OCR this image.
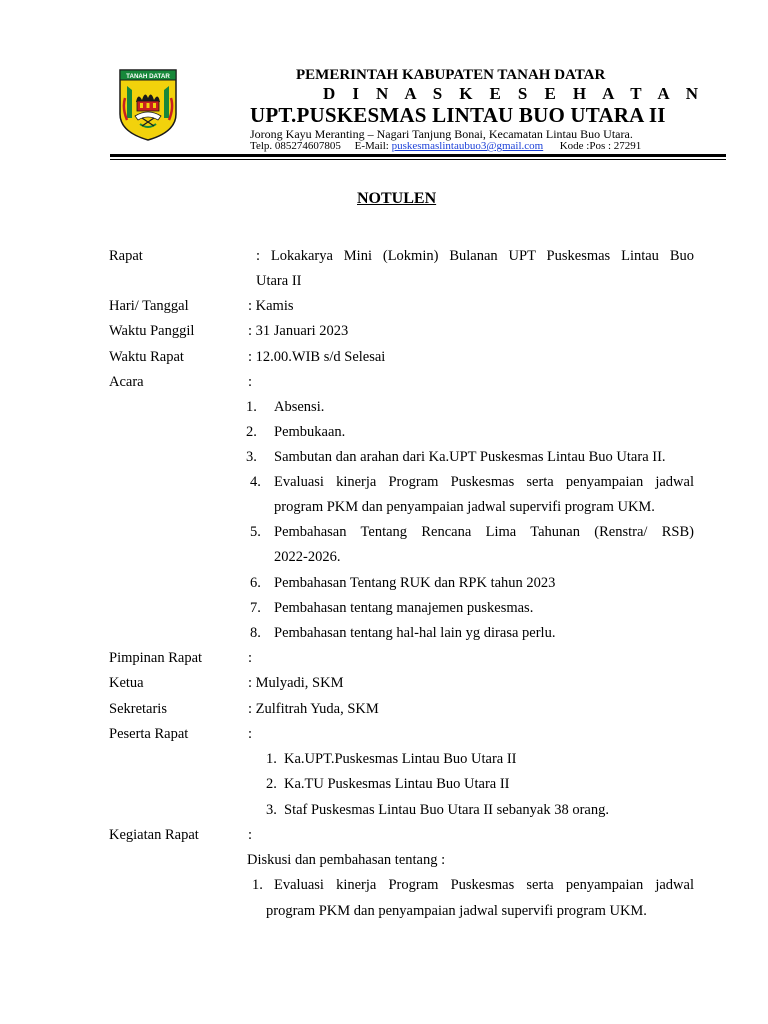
TANAH DATAR	PEMERINTAH KABUPATEN TANAH DATAR
D I N A S K E S E H A T A N
UPT.PUSKESMAS LINTAU BUO UTARA II
Jorong Kayu Meranting – Nagari Tanjung Bonai, Kecamatan Lintau Buo Utara.
Telp. 085274607805 E-Mail: puskesmaslintaubuo3@gmail.com Kode :Pos : 27291
NOTULEN
Rapat	: Lokakarya Mini (Lokmin) Bulanan UPT Puskesmas Lintau Buo
Utara II
Hari/ Tanggal	: Kamis
Waktu Panggil	: 31 Januari 2023
Waktu Rapat	: 12.00.WIB s/d Selesai
Acara	:
1. Absensi.
2. Pembukaan.
3. Sambutan dan arahan dari Ka.UPT Puskesmas Lintau Buo Utara II.
4. Evaluasi kinerja Program Puskesmas serta penyampaian jadwal
program PKM dan penyampaian jadwal supervifi program UKM.
5. Pembahasan Tentang Rencana Lima Tahunan (Renstra/ RSB)
2022-2026.
6. Pembahasan Tentang RUK dan RPK tahun 2023
7. Pembahasan tentang manajemen puskesmas.
8. Pembahasan tentang hal-hal lain yg dirasa perlu.
Pimpinan Rapat	:
Ketua	: Mulyadi, SKM
Sekretaris	: Zulfitrah Yuda, SKM
Peserta Rapat	:
1. Ka.UPT.Puskesmas Lintau Buo Utara II
2. Ka.TU Puskesmas Lintau Buo Utara II
3. Staf Puskesmas Lintau Buo Utara II sebanyak 38 orang.
Kegiatan Rapat	:
Diskusi dan pembahasan tentang :
1. Evaluasi kinerja Program Puskesmas serta penyampaian jadwal
program PKM dan penyampaian jadwal supervifi program UKM.
